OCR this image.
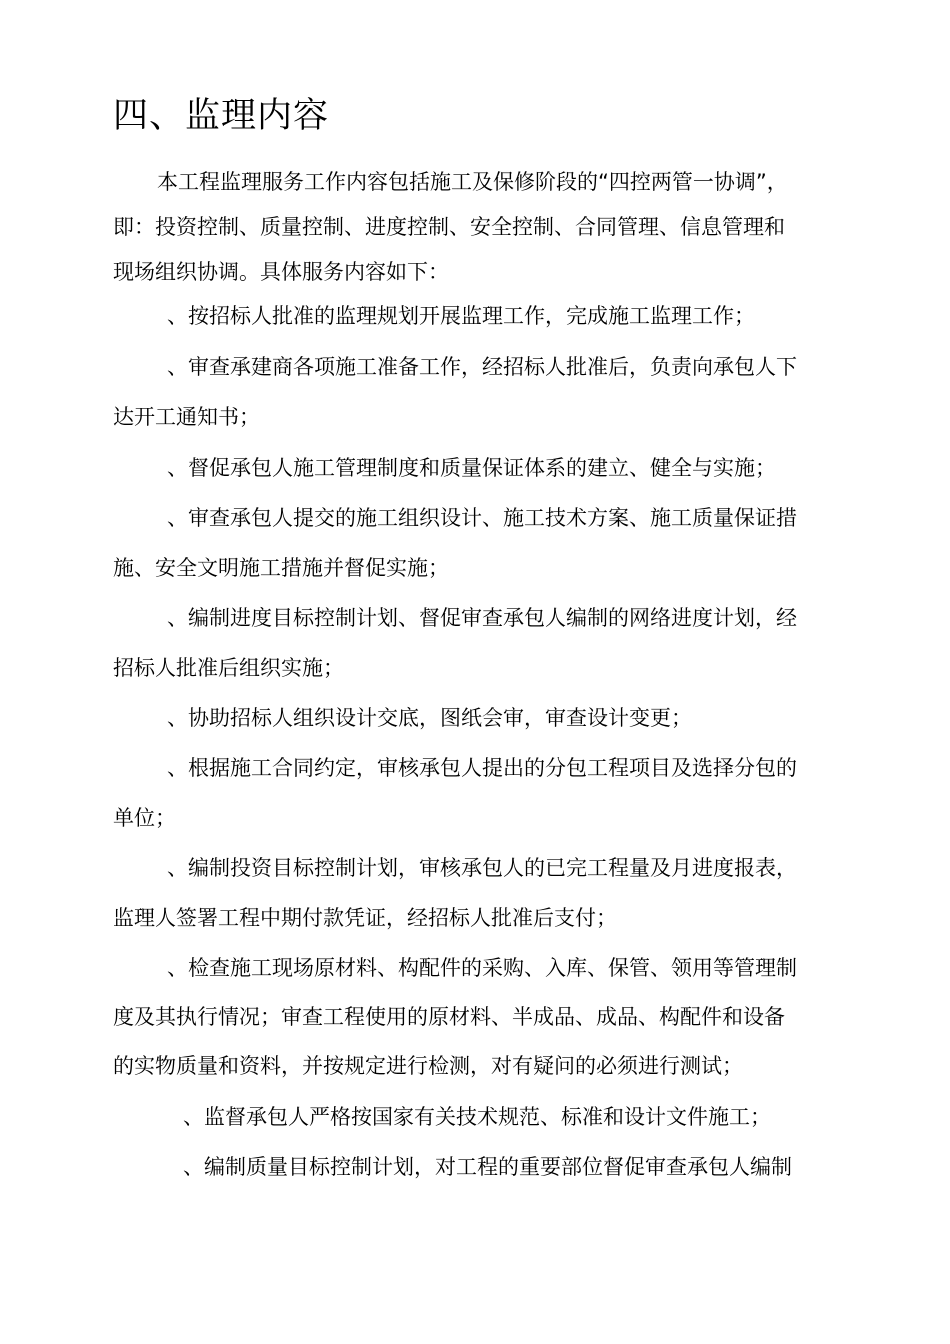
四、监理内容
本工程监理服务工作内容包括施工及保修阶段的“四控两管一协调”，
即：投资控制、质量控制、进度控制、安全控制、合同管理、信息管理和
现场组织协调。具体服务内容如下：
、按招标人批准的监理规划开展监理工作，完成施工监理工作；
、审查承建商各项施工准备工作，经招标人批准后，负责向承包人下
达开工通知书；
、督促承包人施工管理制度和质量保证体系的建立、健全与实施；
、审查承包人提交的施工组织设计、施工技术方案、施工质量保证措
施、安全文明施工措施并督促实施；
、编制进度目标控制计划、督促审查承包人编制的网络进度计划，经
招标人批准后组织实施；
、协助招标人组织设计交底，图纸会审，审查设计变更；
、根据施工合同约定，审核承包人提出的分包工程项目及选择分包的
单位；
、编制投资目标控制计划，审核承包人的已完工程量及月进度报表，
监理人签署工程中期付款凭证，经招标人批准后支付；
、检查施工现场原材料、构配件的采购、入库、保管、领用等管理制
度及其执行情况；审查工程使用的原材料、半成品、成品、构配件和设备
的实物质量和资料，并按规定进行检测，对有疑问的必须进行测试；
、监督承包人严格按国家有关技术规范、标准和设计文件施工；
、编制质量目标控制计划，对工程的重要部位督促审查承包人编制
